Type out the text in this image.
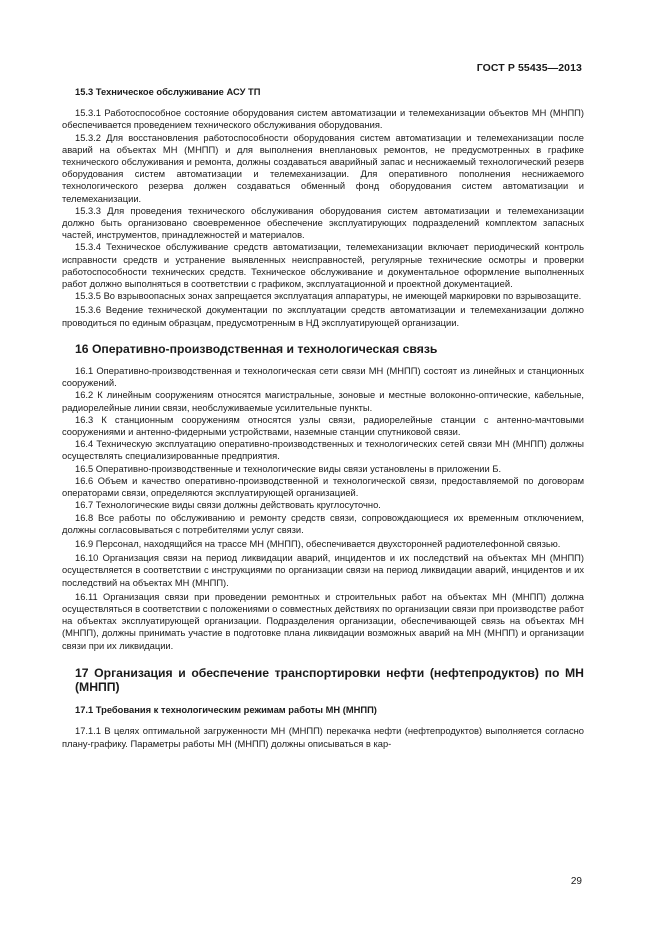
ГОСТ Р 55435—2013
15.3 Техническое обслуживание АСУ ТП

15.3.1 Работоспособное состояние оборудования систем автоматизации и телемеханизации объектов МН (МНПП) обеспечивается проведением технического обслуживания оборудования.

15.3.2 Для восстановления работоспособности оборудования систем автоматизации и телемеханизации после аварий на объектах МН (МНПП) и для выполнения внеплановых ремонтов, не предусмотренных в графике технического обслуживания и ремонта, должны создаваться аварийный запас и неснижаемый технологический резерв оборудования систем автоматизации и телемеханизации. Для оперативного пополнения неснижаемого технологического резерва должен создаваться обменный фонд оборудования систем автоматизации и телемеханизации.

15.3.3 Для проведения технического обслуживания оборудования систем автоматизации и телемеханизации должно быть организовано своевременное обеспечение эксплуатирующих подразделений комплектом запасных частей, инструментов, принадлежностей и материалов.

15.3.4 Техническое обслуживание средств автоматизации, телемеханизации включает периодический контроль исправности средств и устранение выявленных неисправностей, регулярные технические осмотры и проверки работоспособности технических средств. Техническое обслуживание и документальное оформление выполненных работ должно выполняться в соответствии с графиком, эксплуатационной и проектной документацией.

15.3.5 Во взрывоопасных зонах запрещается эксплуатация аппаратуры, не имеющей маркировки по взрывозащите.

15.3.6 Ведение технической документации по эксплуатации средств автоматизации и телемеханизации должно проводиться по единым образцам, предусмотренным в НД эксплуатирующей организации.

16 Оперативно-производственная и технологическая связь

16.1 Оперативно-производственная и технологическая сети связи МН (МНПП) состоят из линейных и станционных сооружений.

16.2 К линейным сооружениям относятся магистральные, зоновые и местные волоконно-оптические, кабельные, радиорелейные линии связи, необслуживаемые усилительные пункты.

16.3 К станционным сооружениям относятся узлы связи, радиорелейные станции с антенно-мачтовыми сооружениями и антенно-фидерными устройствами, наземные станции спутниковой связи.

16.4 Техническую эксплуатацию оперативно-производственных и технологических сетей связи МН (МНПП) должны осуществлять специализированные предприятия.

16.5 Оперативно-производственные и технологические виды связи установлены в приложении Б.

16.6 Объем и качество оперативно-производственной и технологической связи, предоставляемой по договорам операторами связи, определяются эксплуатирующей организацией.

16.7 Технологические виды связи должны действовать круглосуточно.

16.8 Все работы по обслуживанию и ремонту средств связи, сопровождающиеся их временным отключением, должны согласовываться с потребителями услуг связи.

16.9 Персонал, находящийся на трассе МН (МНПП), обеспечивается двухсторонней радиотелефонной связью.

16.10 Организация связи на период ликвидации аварий, инцидентов и их последствий на объектах МН (МНПП) осуществляется в соответствии с инструкциями по организации связи на период ликвидации аварий, инцидентов и их последствий на объектах МН (МНПП).

16.11 Организация связи при проведении ремонтных и строительных работ на объектах МН (МНПП) должна осуществляться в соответствии с положениями о совместных действиях по организации связи при производстве работ на объектах эксплуатирующей организации. Подразделения организации, обеспечивающей связь на объектах МН (МНПП), должны принимать участие в подготовке плана ликвидации возможных аварий на МН (МНПП) и организации связи при их ликвидации.

17 Организация и обеспечение транспортировки нефти (нефтепродуктов) по МН (МНПП)
17.1 Требования к технологическим режимам работы МН (МНПП)

17.1.1 В целях оптимальной загруженности МН (МНПП) перекачка нефти (нефтепродуктов) выполняется согласно плану-графику. Параметры работы МН (МНПП) должны описываться в кар-

29
